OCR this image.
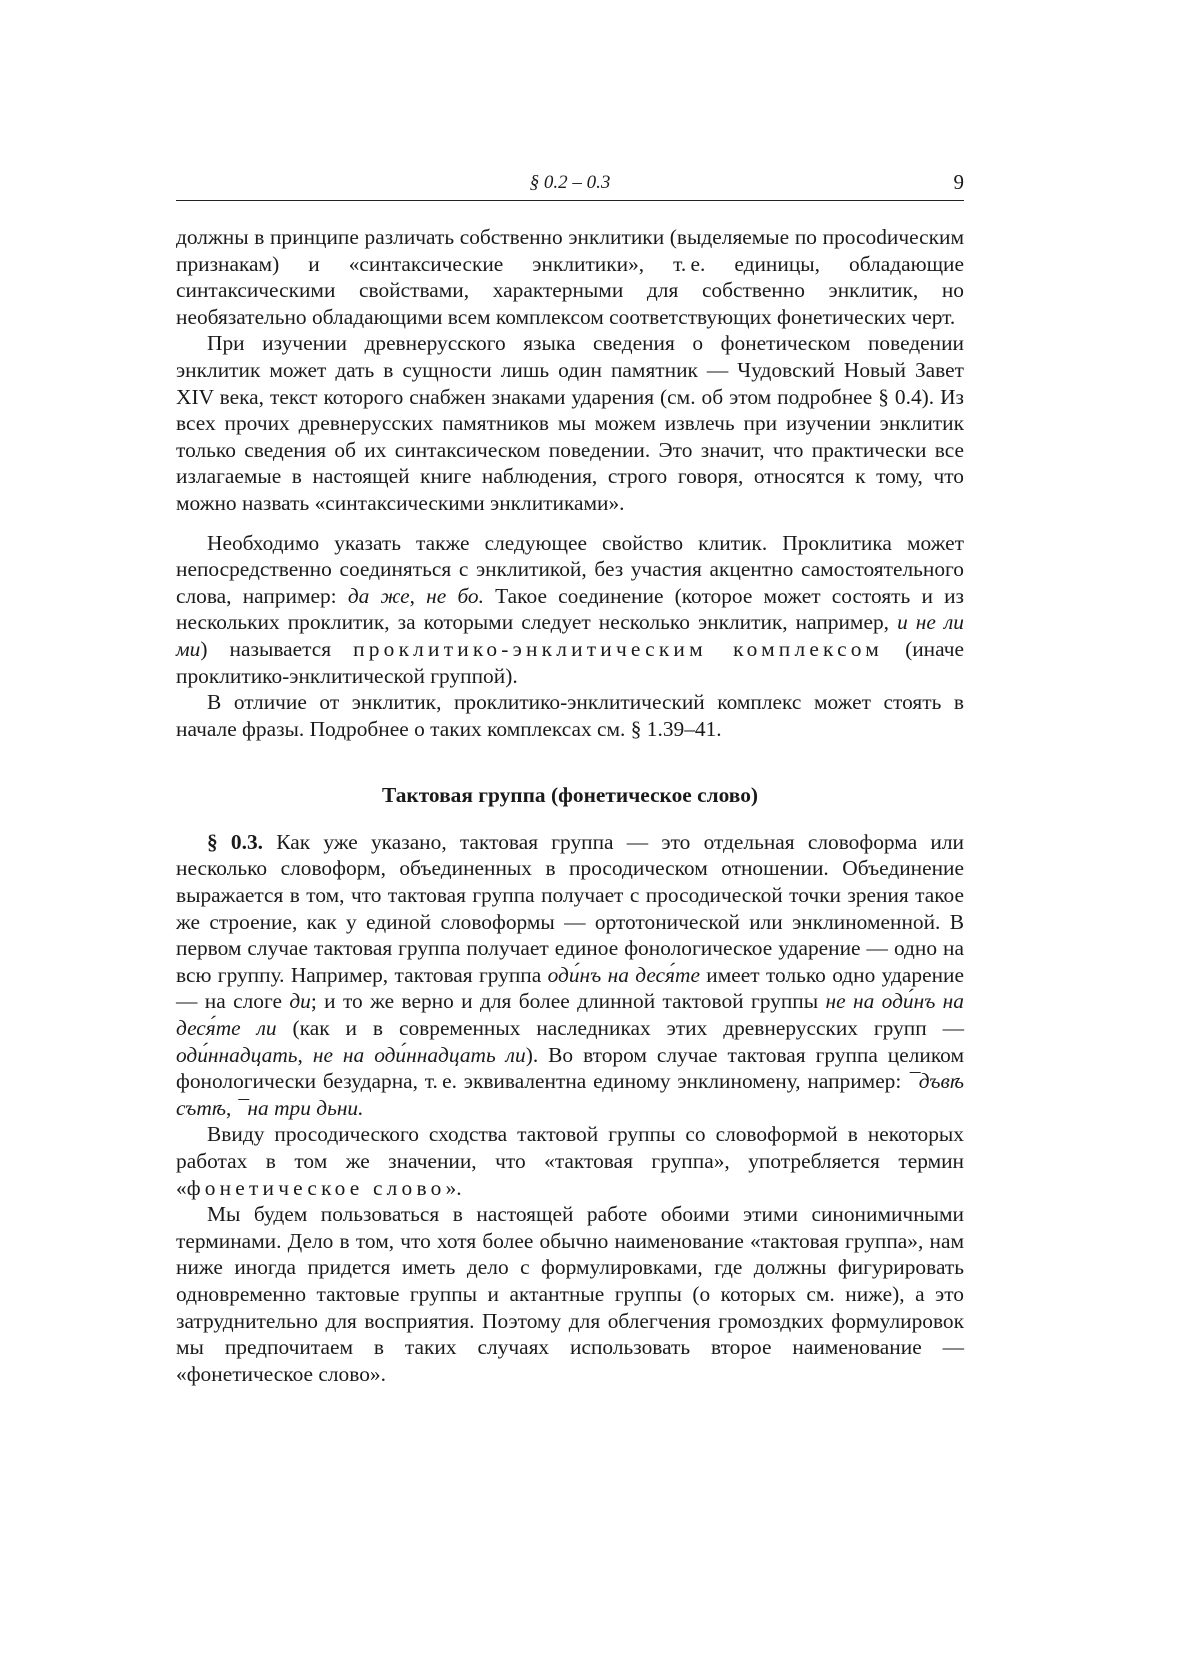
§ 0.2 – 0.3	9

должны в принципе различать собственно энклитики (выделяемые по просоdическим признакам) и «синтаксические энклитики», т. е. единицы, обладающие синтаксическими свойствами, характерными для собственно энклитик, но необязательно обладающими всем комплексом соответствующих фонетических черт.

При изучении древнерусского языка сведения о фонетическом поведении энклитик может дать в сущности лишь один памятник — Чудовский Новый Завет XIV века, текст которого снабжен знаками ударения (см. об этом подробнее § 0.4). Из всех прочих древнерусских памятников мы можем извлечь при изучении энклитик только сведения об их синтаксическом поведении. Это значит, что практически все излагаемые в настоящей книге наблюдения, строго говоря, относятся к тому, что можно назвать «синтаксическими энклитиками».

Необходимо указать также следующее свойство клитик. Проклитика может непосредственно соединяться с энклитикой, без участия акцентно самостоятельного слова, например: да же, не бо. Такое соединение (которое может состоять и из нескольких проклитик, за которыми следует несколько энклитик, например, и не ли ми) называется проклитико-энклитическим комплексом (иначе проклитико-энклитической группой).

В отличие от энклитик, проклитико-энклитический комплекс может стоять в начале фразы. Подробнее о таких комплексах см. § 1.39–41.

Тактовая группа (фонетическое слово)

§ 0.3. Как уже указано, тактовая группа — это отдельная словоформа или несколько словоформ, объединенных в просодическом отношении. Объединение выражается в том, что тактовая группа получает с просодической точки зрения такое же строение, как у единой словоформы — ортотонической или энклиноменной. В первом случае тактовая группа получает единое фонологическое ударение — одно на всю группу. Например, тактовая группа оди́нъ на деся́те имеет только одно ударение — на слоге ди; и то же верно и для более длинной тактовой группы не на оди́нъ на деся́те ли (как и в современных наследниках этих древнерусских групп — оди́ннадцать, не на оди́ннадцать ли). Во втором случае тактовая группа целиком фонологически безударна, т. е. эквивалентна единому энклиномену, например: ¯дъвѣ сътѣ, ¯на три дьни.

Ввиду просодического сходства тактовой группы со словоформой в некоторых работах в том же значении, что «тактовая группа», употребляется термин «фонетическое слово».

Мы будем пользоваться в настоящей работе обоими этими синонимичными терминами. Дело в том, что хотя более обычно наименование «тактовая группа», нам ниже иногда придется иметь дело с формулировками, где должны фигурировать одновременно тактовые группы и актантные группы (о которых см. ниже), а это затруднительно для восприятия. Поэтому для облегчения громоздких формулировок мы предпочитаем в таких случаях использовать второе наименование — «фонетическое слово».
